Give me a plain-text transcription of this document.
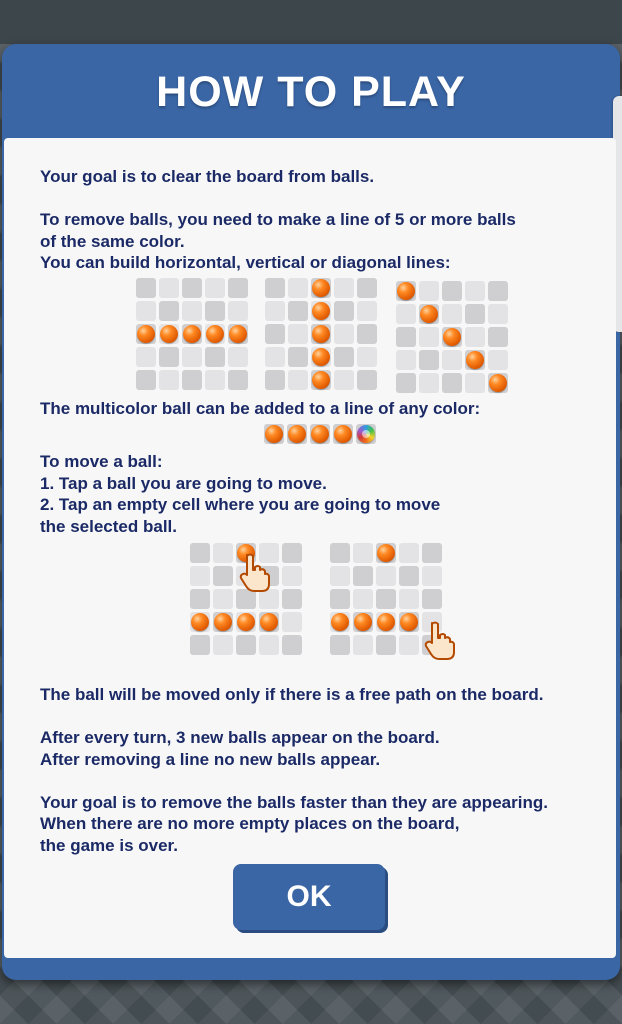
HOW TO PLAY
Your goal is to clear the board from balls.
To remove balls, you need to make a line of 5 or more balls
of the same color.
You can build horizontal, vertical or diagonal lines:
The multicolor ball can be added to a line of any color:
To move a ball:
1. Tap a ball you are going to move.
2. Tap an empty cell where you are going to move
the selected ball.
The ball will be moved only if there is a free path on the board.
After every turn, 3 new balls appear on the board.
After removing a line no new balls appear.
Your goal is to remove the balls faster than they are appearing.
When there are no more empty places on the board,
the game is over.
OK
